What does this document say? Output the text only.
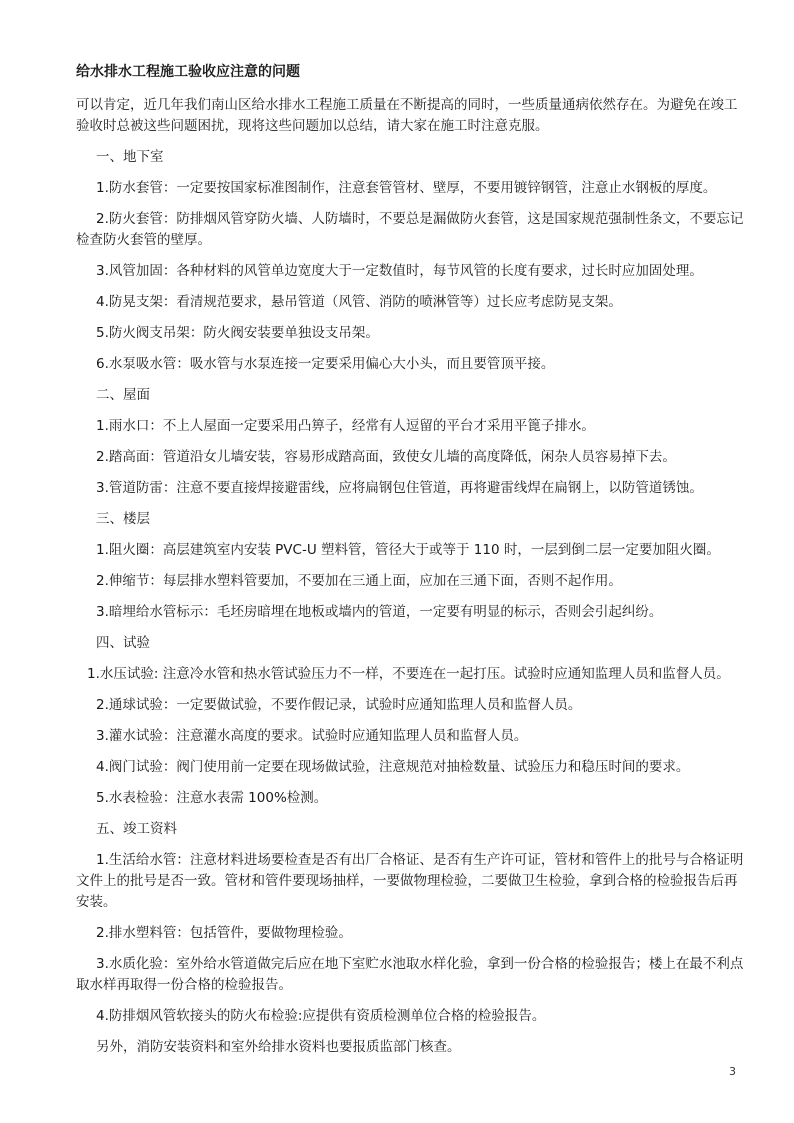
给水排水工程施工验收应注意的问题
可以肯定，近几年我们南山区给水排水工程施工质量在不断提高的同时，一些质量通病依然存在。为避免在竣工验收时总被这些问题困扰，现将这些问题加以总结，请大家在施工时注意克服。
一、地下室
1.防水套管：一定要按国家标准图制作，注意套管管材、壁厚，不要用镀锌钢管，注意止水钢板的厚度。
2.防火套管：防排烟风管穿防火墙、人防墙时，不要总是漏做防火套管，这是国家规范强制性条文，不要忘记检查防火套管的壁厚。
3.风管加固：各种材料的风管单边宽度大于一定数值时，每节风管的长度有要求，过长时应加固处理。
4.防晃支架：看清规范要求，悬吊管道（风管、消防的喷淋管等）过长应考虑防晃支架。
5.防火阀支吊架：防火阀安装要单独设支吊架。
6.水泵吸水管：吸水管与水泵连接一定要采用偏心大小头，而且要管顶平接。
二、屋面
1.雨水口：不上人屋面一定要采用凸箅子，经常有人逗留的平台才采用平篦子排水。
2.踏高面：管道沿女儿墙安装，容易形成踏高面，致使女儿墙的高度降低，闲杂人员容易掉下去。
3.管道防雷：注意不要直接焊接避雷线，应将扁钢包住管道，再将避雷线焊在扁钢上，以防管道锈蚀。
三、楼层
1.阻火圈：高层建筑室内安装 PVC-U 塑料管，管径大于或等于 110 时，一层到倒二层一定要加阻火圈。
2.伸缩节：每层排水塑料管要加，不要加在三通上面，应加在三通下面，否则不起作用。
3.暗埋给水管标示：毛坯房暗埋在地板或墙内的管道，一定要有明显的标示，否则会引起纠纷。
四、试验
1.水压试验: 注意冷水管和热水管试验压力不一样，不要连在一起打压。试验时应通知监理人员和监督人员。
2.通球试验：一定要做试验，不要作假记录，试验时应通知监理人员和监督人员。
3.灌水试验：注意灌水高度的要求。试验时应通知监理人员和监督人员。
4.阀门试验：阀门使用前一定要在现场做试验，注意规范对抽检数量、试验压力和稳压时间的要求。
5.水表检验：注意水表需 100%检测。
五、竣工资料
1.生活给水管：注意材料进场要检查是否有出厂合格证、是否有生产许可证，管材和管件上的批号与合格证明文件上的批号是否一致。管材和管件要现场抽样，一要做物理检验，二要做卫生检验，拿到合格的检验报告后再安装。
2.排水塑料管：包括管件，要做物理检验。
3.水质化验：室外给水管道做完后应在地下室贮水池取水样化验，拿到一份合格的检验报告；楼上在最不利点取水样再取得一份合格的检验报告。
4.防排烟风管软接头的防火布检验:应提供有资质检测单位合格的检验报告。
另外，消防安装资料和室外给排水资料也要报质监部门核查。
3
